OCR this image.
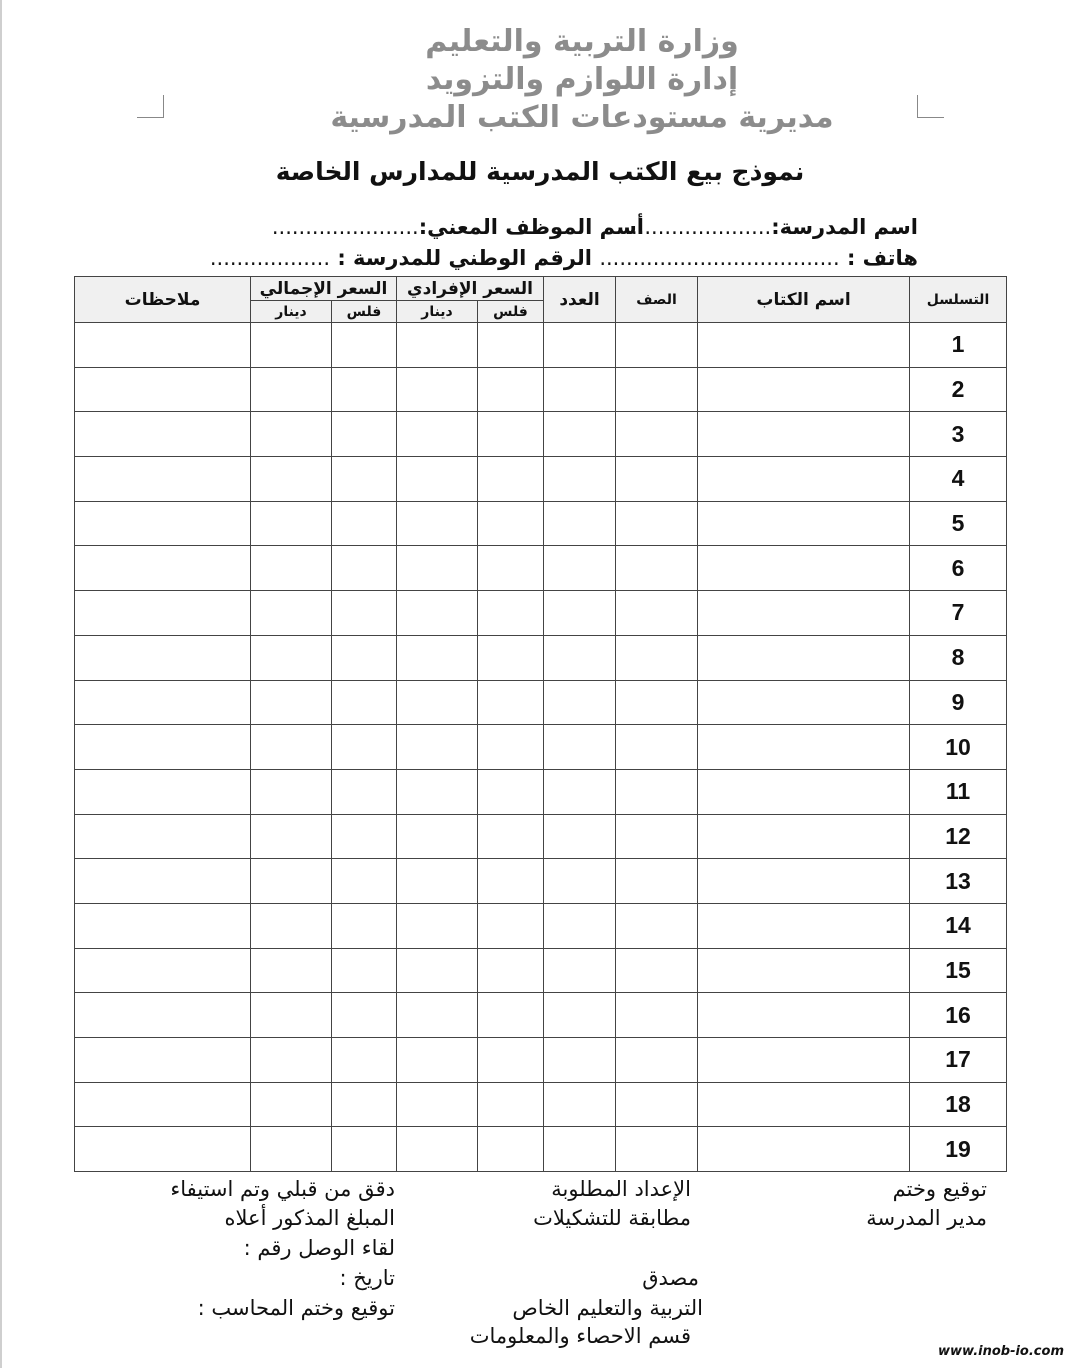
وزارة التربية والتعليم
إدارة اللوازم والتزويد
مديرية مستودعات الكتب المدرسية
نموذج بيع الكتب المدرسية للمدارس الخاصة
اسم المدرسة:......................
أسم الموظف المعني:......................
هاتف : ....................................
الرقم الوطني للمدرسة : ..................
التسلسل	اسم الكتاب	الصف	العدد	السعر الإفرادي		السعر الإجمالي		ملاحظات
				فلس	دينار	فلس	دينار	
1								
2								
3								
4								
5								
6								
7								
8								
9								
10								
11								
12								
13								
14								
15								
16								
17								
18								
19								
توقيع وختم
مدير المدرسة
الإعداد المطلوبة
مطابقة للتشكيلات
دقق من قبلي وتم استيفاء
المبلغ المذكور أعلاه
لقاء الوصل رقم :
تاريخ :
توقيع وختم المحاسب :
مصدق
التربية والتعليم الخاص
قسم الاحصاء والمعلومات
www.inob-io.com
